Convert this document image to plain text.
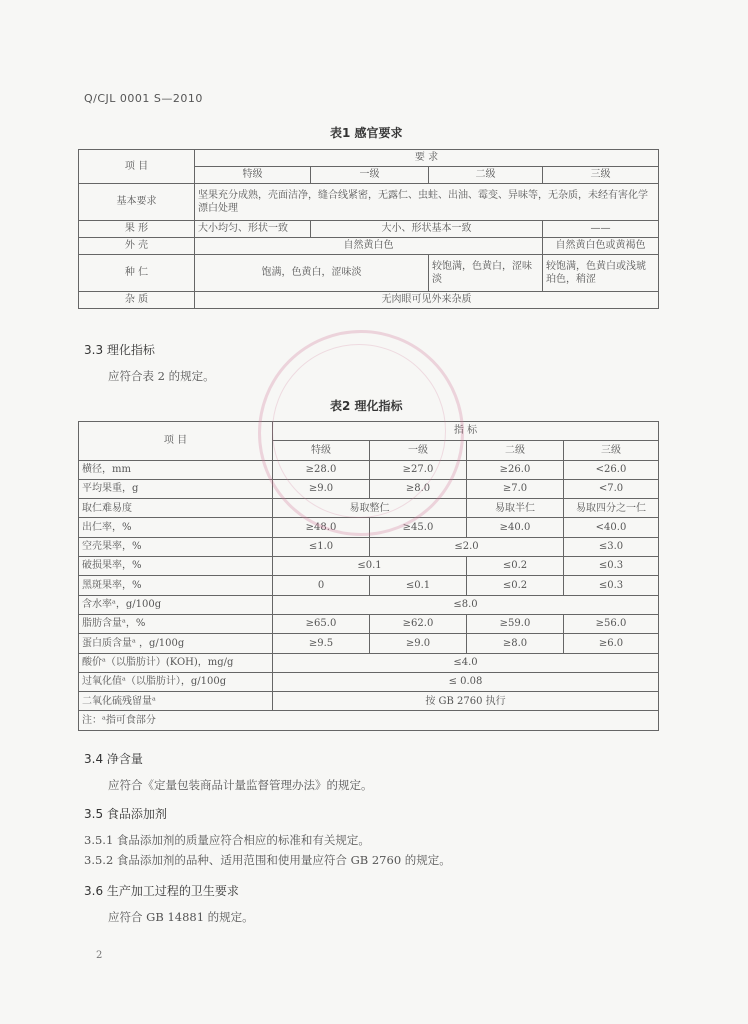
Q/CJL 0001 S—2010
表1 感官要求
项 目	要 求			
	特级	一级	二级	三级
基本要求	坚果充分成熟，壳面洁净，缝合线紧密，无露仁、虫蛀、出油、霉变、异味等，无杂质，未经有害化学漂白处理			
果 形	大小均匀、形状一致	大小、形状基本一致		——
外 壳	自然黄白色			自然黄白色或黄褐色
种 仁	饱满，色黄白，涩味淡		较饱满，色黄白，涩味淡	较饱满，色黄白或浅琥珀色，稍涩
杂 质	无肉眼可见外来杂质			
3.3 理化指标
应符合表 2 的规定。
表2 理化指标
项 目	指 标			
	特级	一级	二级	三级
横径，mm	≥28.0	≥27.0	≥26.0	<26.0
平均果重，g	≥9.0	≥8.0	≥7.0	<7.0
取仁难易度	易取整仁		易取半仁	易取四分之一仁
出仁率，%	≥48.0	≥45.0	≥40.0	<40.0
空壳果率，%	≤1.0	≤2.0		≤3.0
破损果率，%	≤0.1		≤0.2	≤0.3
黑斑果率，%	0	≤0.1	≤0.2	≤0.3
含水率ᵃ，g/100g	≤8.0			
脂肪含量ᵃ，%	≥65.0	≥62.0	≥59.0	≥56.0
蛋白质含量ᵃ ，g/100g	≥9.5	≥9.0	≥8.0	≥6.0
酸价ᵃ（以脂肪计）(KOH)，mg/g	≤4.0			
过氧化值ᵃ（以脂肪计），g/100g	≤ 0.08			
二氧化硫残留量ᵃ	按 GB 2760 执行			
注：ᵃ指可食部分				
3.4 净含量
应符合《定量包装商品计量监督管理办法》的规定。
3.5 食品添加剂
3.5.1 食品添加剂的质量应符合相应的标准和有关规定。
3.5.2 食品添加剂的品种、适用范围和使用量应符合 GB 2760 的规定。
3.6 生产加工过程的卫生要求
应符合 GB 14881 的规定。
2
